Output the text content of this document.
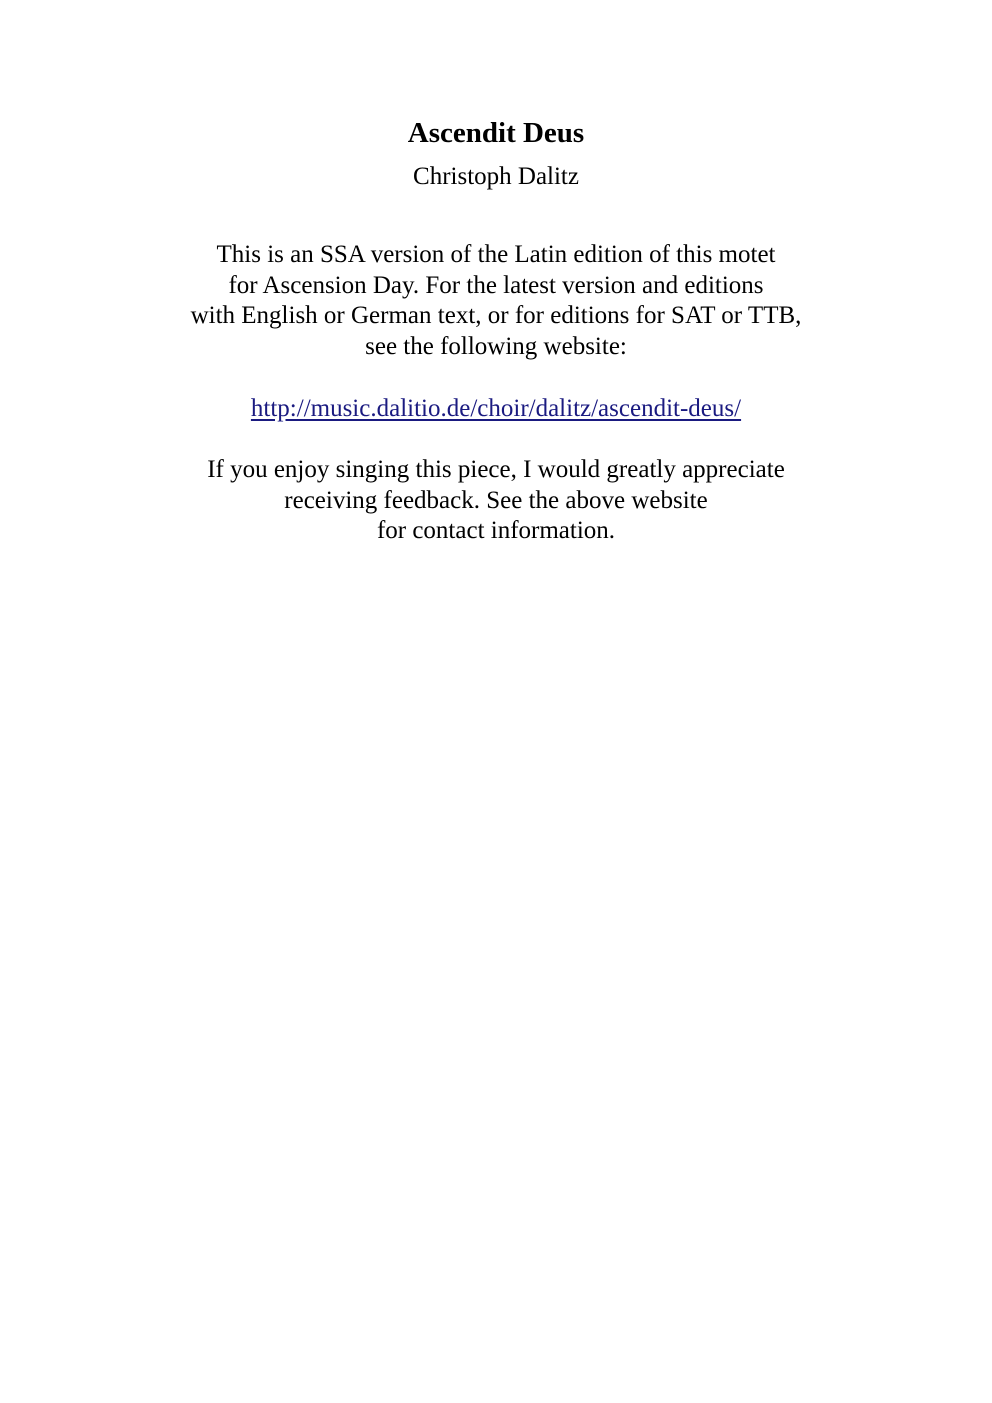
Ascendit Deus

Christoph Dalitz

This is an SSA version of the Latin edition of this motet
for Ascension Day. For the latest version and editions
with English or German text, or for editions for SAT or TTB,
see the following website:

http://music.dalitio.de/choir/dalitz/ascendit-deus/

If you enjoy singing this piece, I would greatly appreciate
receiving feedback. See the above website
for contact information.
